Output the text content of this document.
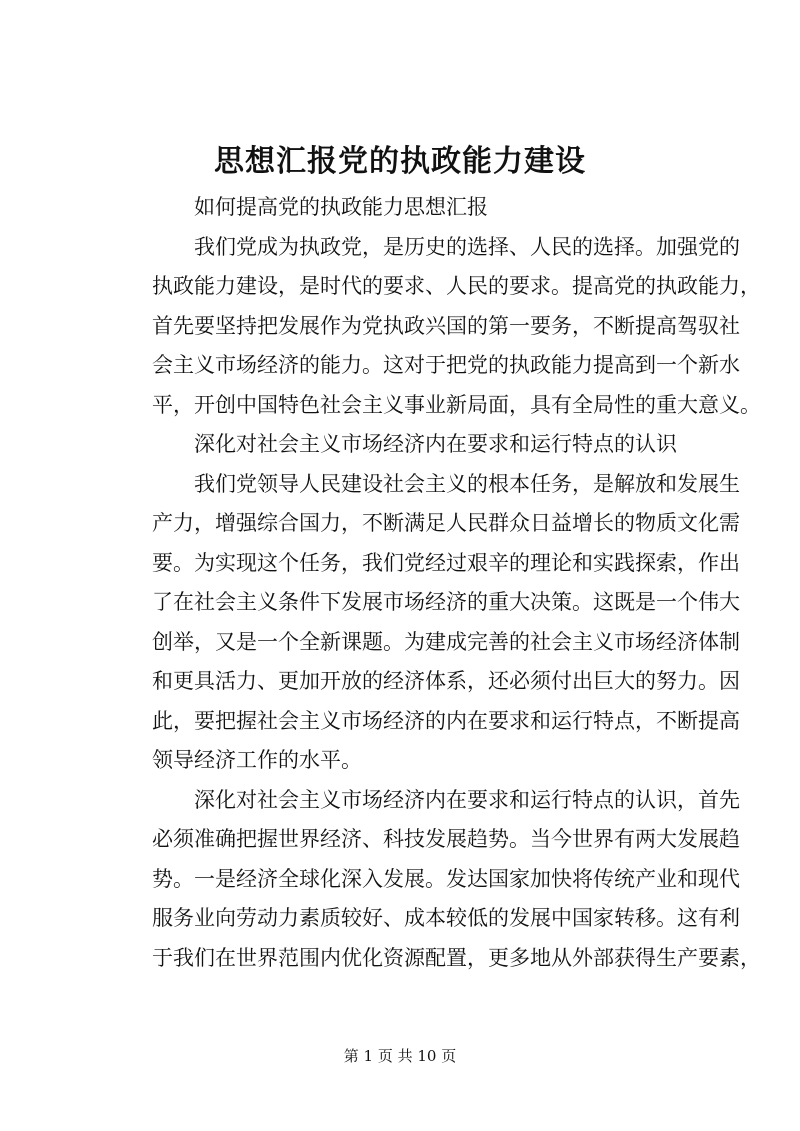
思想汇报党的执政能力建设
如何提高党的执政能力思想汇报
我们党成为执政党，是历史的选择、人民的选择。加强党的
执政能力建设，是时代的要求、人民的要求。提高党的执政能力，
首先要坚持把发展作为党执政兴国的第一要务，不断提高驾驭社
会主义市场经济的能力。这对于把党的执政能力提高到一个新水
平，开创中国特色社会主义事业新局面，具有全局性的重大意义。
深化对社会主义市场经济内在要求和运行特点的认识
我们党领导人民建设社会主义的根本任务，是解放和发展生
产力，增强综合国力，不断满足人民群众日益增长的物质文化需
要。为实现这个任务，我们党经过艰辛的理论和实践探索，作出
了在社会主义条件下发展市场经济的重大决策。这既是一个伟大
创举，又是一个全新课题。为建成完善的社会主义市场经济体制
和更具活力、更加开放的经济体系，还必须付出巨大的努力。因
此，要把握社会主义市场经济的内在要求和运行特点，不断提高
领导经济工作的水平。
深化对社会主义市场经济内在要求和运行特点的认识，首先
必须准确把握世界经济、科技发展趋势。当今世界有两大发展趋
势。一是经济全球化深入发展。发达国家加快将传统产业和现代
服务业向劳动力素质较好、成本较低的发展中国家转移。这有利
于我们在世界范围内优化资源配置，更多地从外部获得生产要素，
第 1 页 共 10 页
